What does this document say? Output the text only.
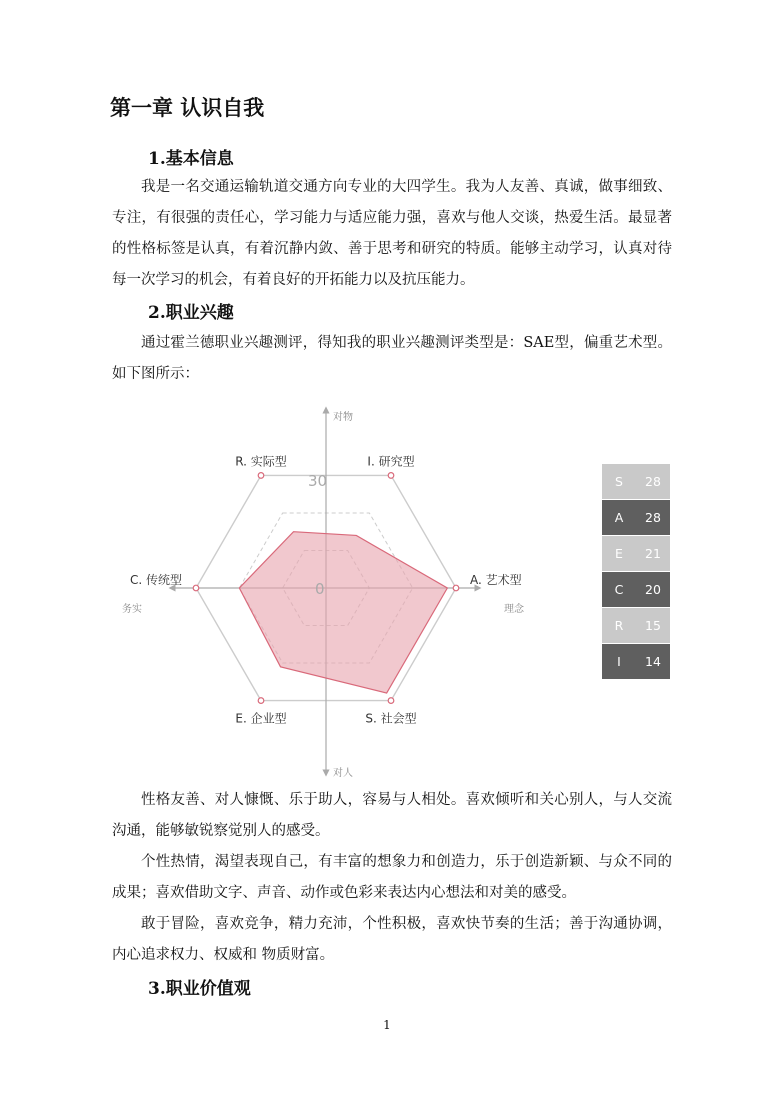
第一章 认识自我
1.基本信息

我是一名交通运输轨道交通方向专业的大四学生。我为人友善、真诚，做事细致、专注，有很强的责任心，学习能力与适应能力强，喜欢与他人交谈，热爱生活。最显著的性格标签是认真，有着沉静内敛、善于思考和研究的特质。能够主动学习，认真对待每一次学习的机会，有着良好的开拓能力以及抗压能力。

2.职业兴趣

通过霍兰德职业兴趣测评，得知我的职业兴趣测评类型是：SAE型，偏重艺术型。如下图所示：

对物
对人
务实	理念
30
0
R. 实际型	I. 研究型
A. 艺术型
S. 社会型
E. 企业型
C. 传统型
S	28
A	28
E	21
C	20
R	15
I	14

性格友善、对人慷慨、乐于助人，容易与人相处。喜欢倾听和关心别人，与人交流沟通，能够敏锐察觉别人的感受。

个性热情，渴望表现自己，有丰富的想象力和创造力，乐于创造新颖、与众不同的成果；喜欢借助文字、声音、动作或色彩来表达内心想法和对美的感受。

敢于冒险，喜欢竞争，精力充沛，个性积极，喜欢快节奏的生活；善于沟通协调，内心追求权力、权威和 物质财富。

3.职业价值观
1
